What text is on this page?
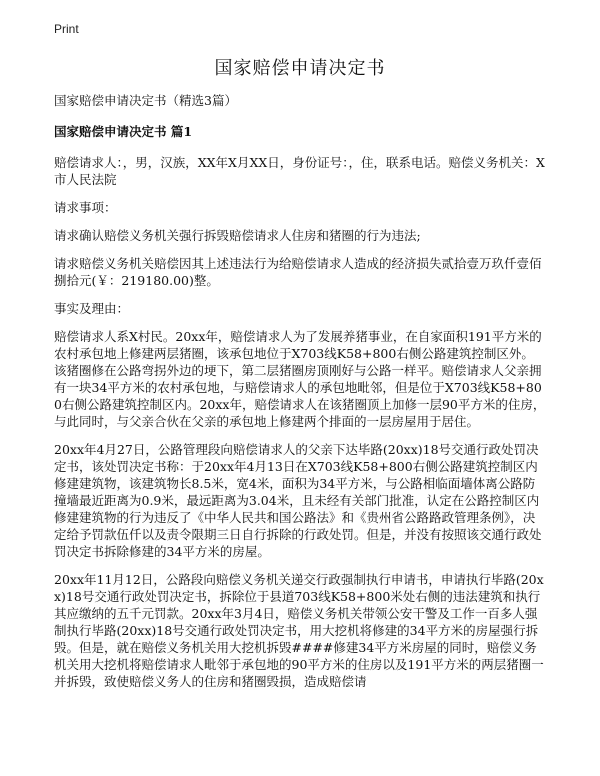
Print
国家赔偿申请决定书

国家赔偿申请决定书（精选3篇）

国家赔偿申请决定书 篇1

赔偿请求人：，男，汉族，XX年X月XX日，身份证号：，住，联系电话。赔偿义务机关：X市人民法院

请求事项：

请求确认赔偿义务机关强行拆毁赔偿请求人住房和猪圈的行为违法;

请求赔偿义务机关赔偿因其上述违法行为给赔偿请求人造成的经济损失贰拾壹万玖仟壹佰捌拾元(￥：219180.00)整。

事实及理由：

赔偿请求人系X村民。20xx年，赔偿请求人为了发展养猪事业，在自家面积191平方米的农村承包地上修建两层猪圈，该承包地位于X703线K58+800右侧公路建筑控制区外。该猪圈修在公路弯拐外边的埂下，第二层猪圈房顶刚好与公路一样平。赔偿请求人父亲拥有一块34平方米的农村承包地，与赔偿请求人的承包地毗邻，但是位于X703线K58+800右侧公路建筑控制区内。20xx年，赔偿请求人在该猪圈顶上加修一层90平方米的住房，与此同时，与父亲合伙在父亲的承包地上修建两个排面的一层房屋用于居住。

20xx年4月27日，公路管理段向赔偿请求人的父亲下达毕路(20xx)18号交通行政处罚决定书，该处罚决定书称：于20xx年4月13日在X703线K58+800右侧公路建筑控制区内修建建筑物，该建筑物长8.5米，宽4米，面积为34平方米，与公路相临面墙体离公路防撞墙最近距离为0.9米，最远距离为3.04米，且未经有关部门批准，认定在公路控制区内修建建筑物的行为违反了《中华人民共和国公路法》和《贵州省公路路政管理条例》，决定给予罚款伍仟以及责令限期三日自行拆除的行政处罚。但是，并没有按照该交通行政处罚决定书拆除修建的34平方米的房屋。

20xx年11月12日，公路段向赔偿义务机关递交行政强制执行申请书，申请执行毕路(20xx)18号交通行政处罚决定书，拆除位于县道703线K58+800米处右侧的违法建筑和执行其应缴纳的五千元罚款。20xx年3月4日，赔偿义务机关带领公安干警及工作一百多人强制执行毕路(20xx)18号交通行政处罚决定书，用大挖机将修建的34平方米的房屋强行拆毁。但是，就在赔偿义务机关用大挖机拆毁####修建34平方米房屋的同时，赔偿义务机关用大挖机将赔偿请求人毗邻于承包地的90平方米的住房以及191平方米的两层猪圈一并拆毁，致使赔偿义务人的住房和猪圈毁损，造成赔偿请
